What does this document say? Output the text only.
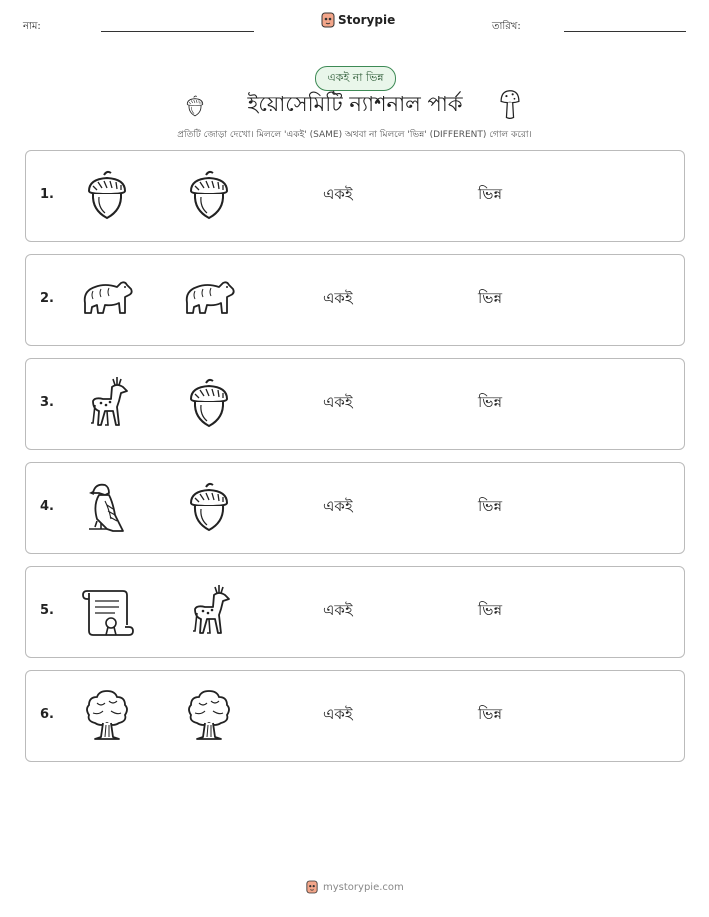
নাম:	Storypie	তারিখ:
একই না ভিন্ন
ইয়োসেমিটি ন্যাশনাল পার্ক
প্রতিটি জোড়া দেখো। মিললে 'একই' (SAME) অথবা না মিললে 'ভিন্ন' (DIFFERENT) গোল করো।
1.	একই	ভিন্ন
2.	একই	ভিন্ন
3.	একই	ভিন্ন
4.	একই	ভিন্ন
5.	একই	ভিন্ন
6.	একই	ভিন্ন
mystorypie.com
